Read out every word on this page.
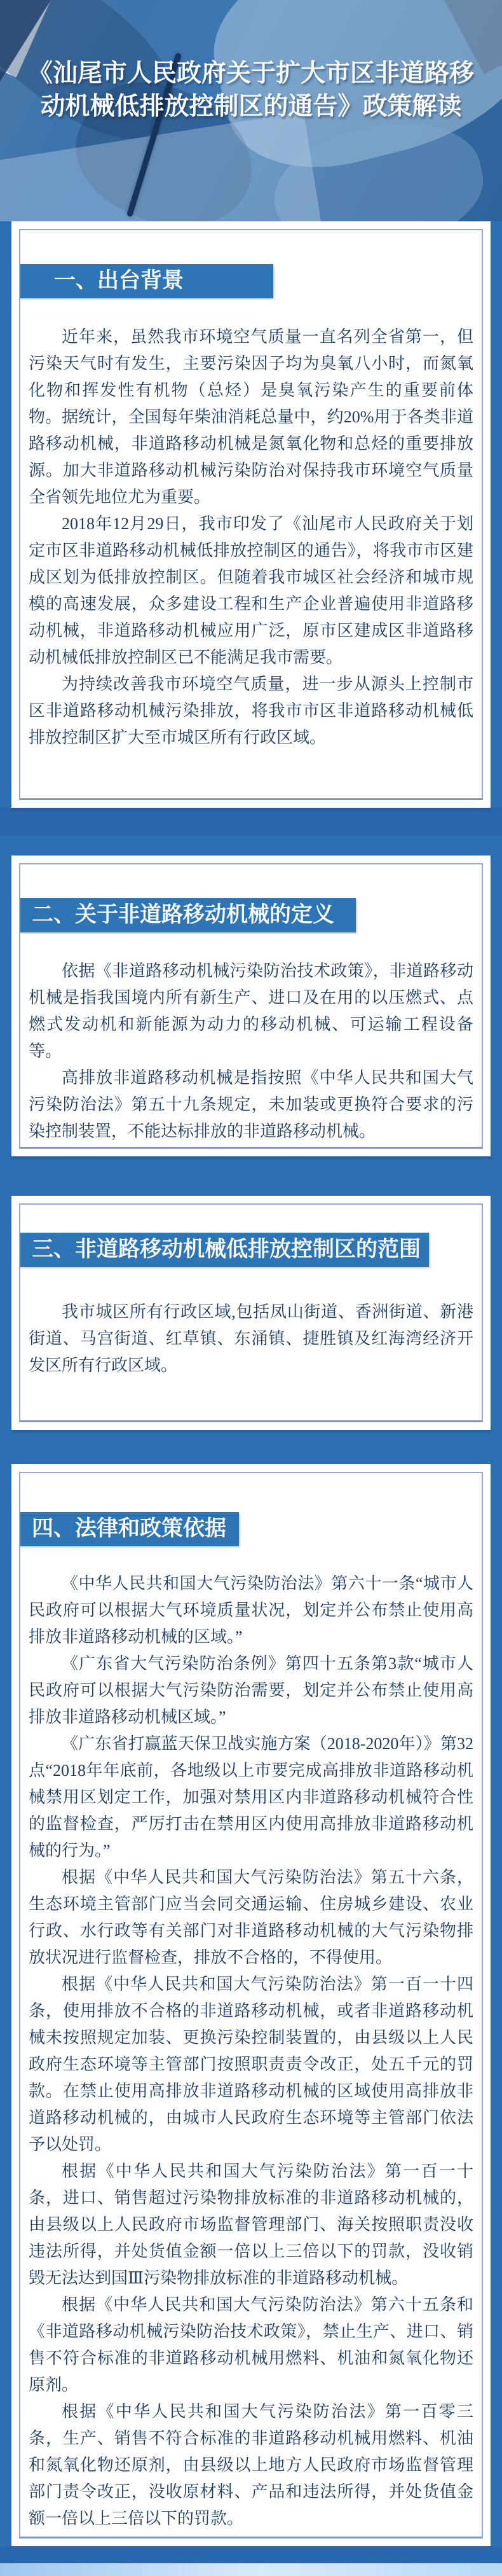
《汕尾市人民政府关于扩大市区非道路移动机械低排放控制区的通告》政策解读
一、出台背景

近年来，虽然我市环境空气质量一直名列全省第一，但污染天气时有发生，主要污染因子均为臭氧八小时，而氮氧化物和挥发性有机物（总烃）是臭氧污染产生的重要前体物。据统计，全国每年柴油消耗总量中，约20%用于各类非道路移动机械，非道路移动机械是氮氧化物和总烃的重要排放源。加大非道路移动机械污染防治对保持我市环境空气质量全省领先地位尤为重要。

2018年12月29日，我市印发了《汕尾市人民政府关于划定市区非道路移动机械低排放控制区的通告》，将我市市区建成区划为低排放控制区。但随着我市城区社会经济和城市规模的高速发展，众多建设工程和生产企业普遍使用非道路移动机械，非道路移动机械应用广泛，原市区建成区非道路移动机械低排放控制区已不能满足我市需要。

为持续改善我市环境空气质量，进一步从源头上控制市区非道路移动机械污染排放，将我市市区非道路移动机械低排放控制区扩大至市城区所有行政区域。

二、关于非道路移动机械的定义

依据《非道路移动机械污染防治技术政策》，非道路移动机械是指我国境内所有新生产、进口及在用的以压燃式、点燃式发动机和新能源为动力的移动机械、可运输工程设备等。

高排放非道路移动机械是指按照《中华人民共和国大气污染防治法》第五十九条规定，未加装或更换符合要求的污染控制装置，不能达标排放的非道路移动机械。

三、非道路移动机械低排放控制区的范围

我市城区所有行政区域,包括凤山街道、香洲街道、新港街道、马宫街道、红草镇、东涌镇、捷胜镇及红海湾经济开发区所有行政区域。

四、法律和政策依据

《中华人民共和国大气污染防治法》第六十一条“城市人民政府可以根据大气环境质量状况，划定并公布禁止使用高排放非道路移动机械的区域。”

《广东省大气污染防治条例》第四十五条第3款“城市人民政府可以根据大气污染防治需要，划定并公布禁止使用高排放非道路移动机械区域。”

《广东省打赢蓝天保卫战实施方案（2018-2020年）》第32点“2018年年底前，各地级以上市要完成高排放非道路移动机械禁用区划定工作，加强对禁用区内非道路移动机械符合性的监督检查，严厉打击在禁用区内使用高排放非道路移动机械的行为。”

根据《中华人民共和国大气污染防治法》第五十六条，生态环境主管部门应当会同交通运输、住房城乡建设、农业行政、水行政等有关部门对非道路移动机械的大气污染物排放状况进行监督检查，排放不合格的，不得使用。

根据《中华人民共和国大气污染防治法》第一百一十四条，使用排放不合格的非道路移动机械，或者非道路移动机械未按照规定加装、更换污染控制装置的，由县级以上人民政府生态环境等主管部门按照职责责令改正，处五千元的罚款。在禁止使用高排放非道路移动机械的区域使用高排放非道路移动机械的，由城市人民政府生态环境等主管部门依法予以处罚。

根据《中华人民共和国大气污染防治法》第一百一十条，进口、销售超过污染物排放标准的非道路移动机械的，由县级以上人民政府市场监督管理部门、海关按照职责没收违法所得，并处货值金额一倍以上三倍以下的罚款，没收销毁无法达到国Ⅲ污染物排放标准的非道路移动机械。

根据《中华人民共和国大气污染防治法》第六十五条和《非道路移动机械污染防治技术政策》，禁止生产、进口、销售不符合标准的非道路移动机械用燃料、机油和氮氧化物还原剂。

根据《中华人民共和国大气污染防治法》第一百零三条，生产、销售不符合标准的非道路移动机械用燃料、机油和氮氧化物还原剂，由县级以上地方人民政府市场监督管理部门责令改正，没收原材料、产品和违法所得，并处货值金额一倍以上三倍以下的罚款。
